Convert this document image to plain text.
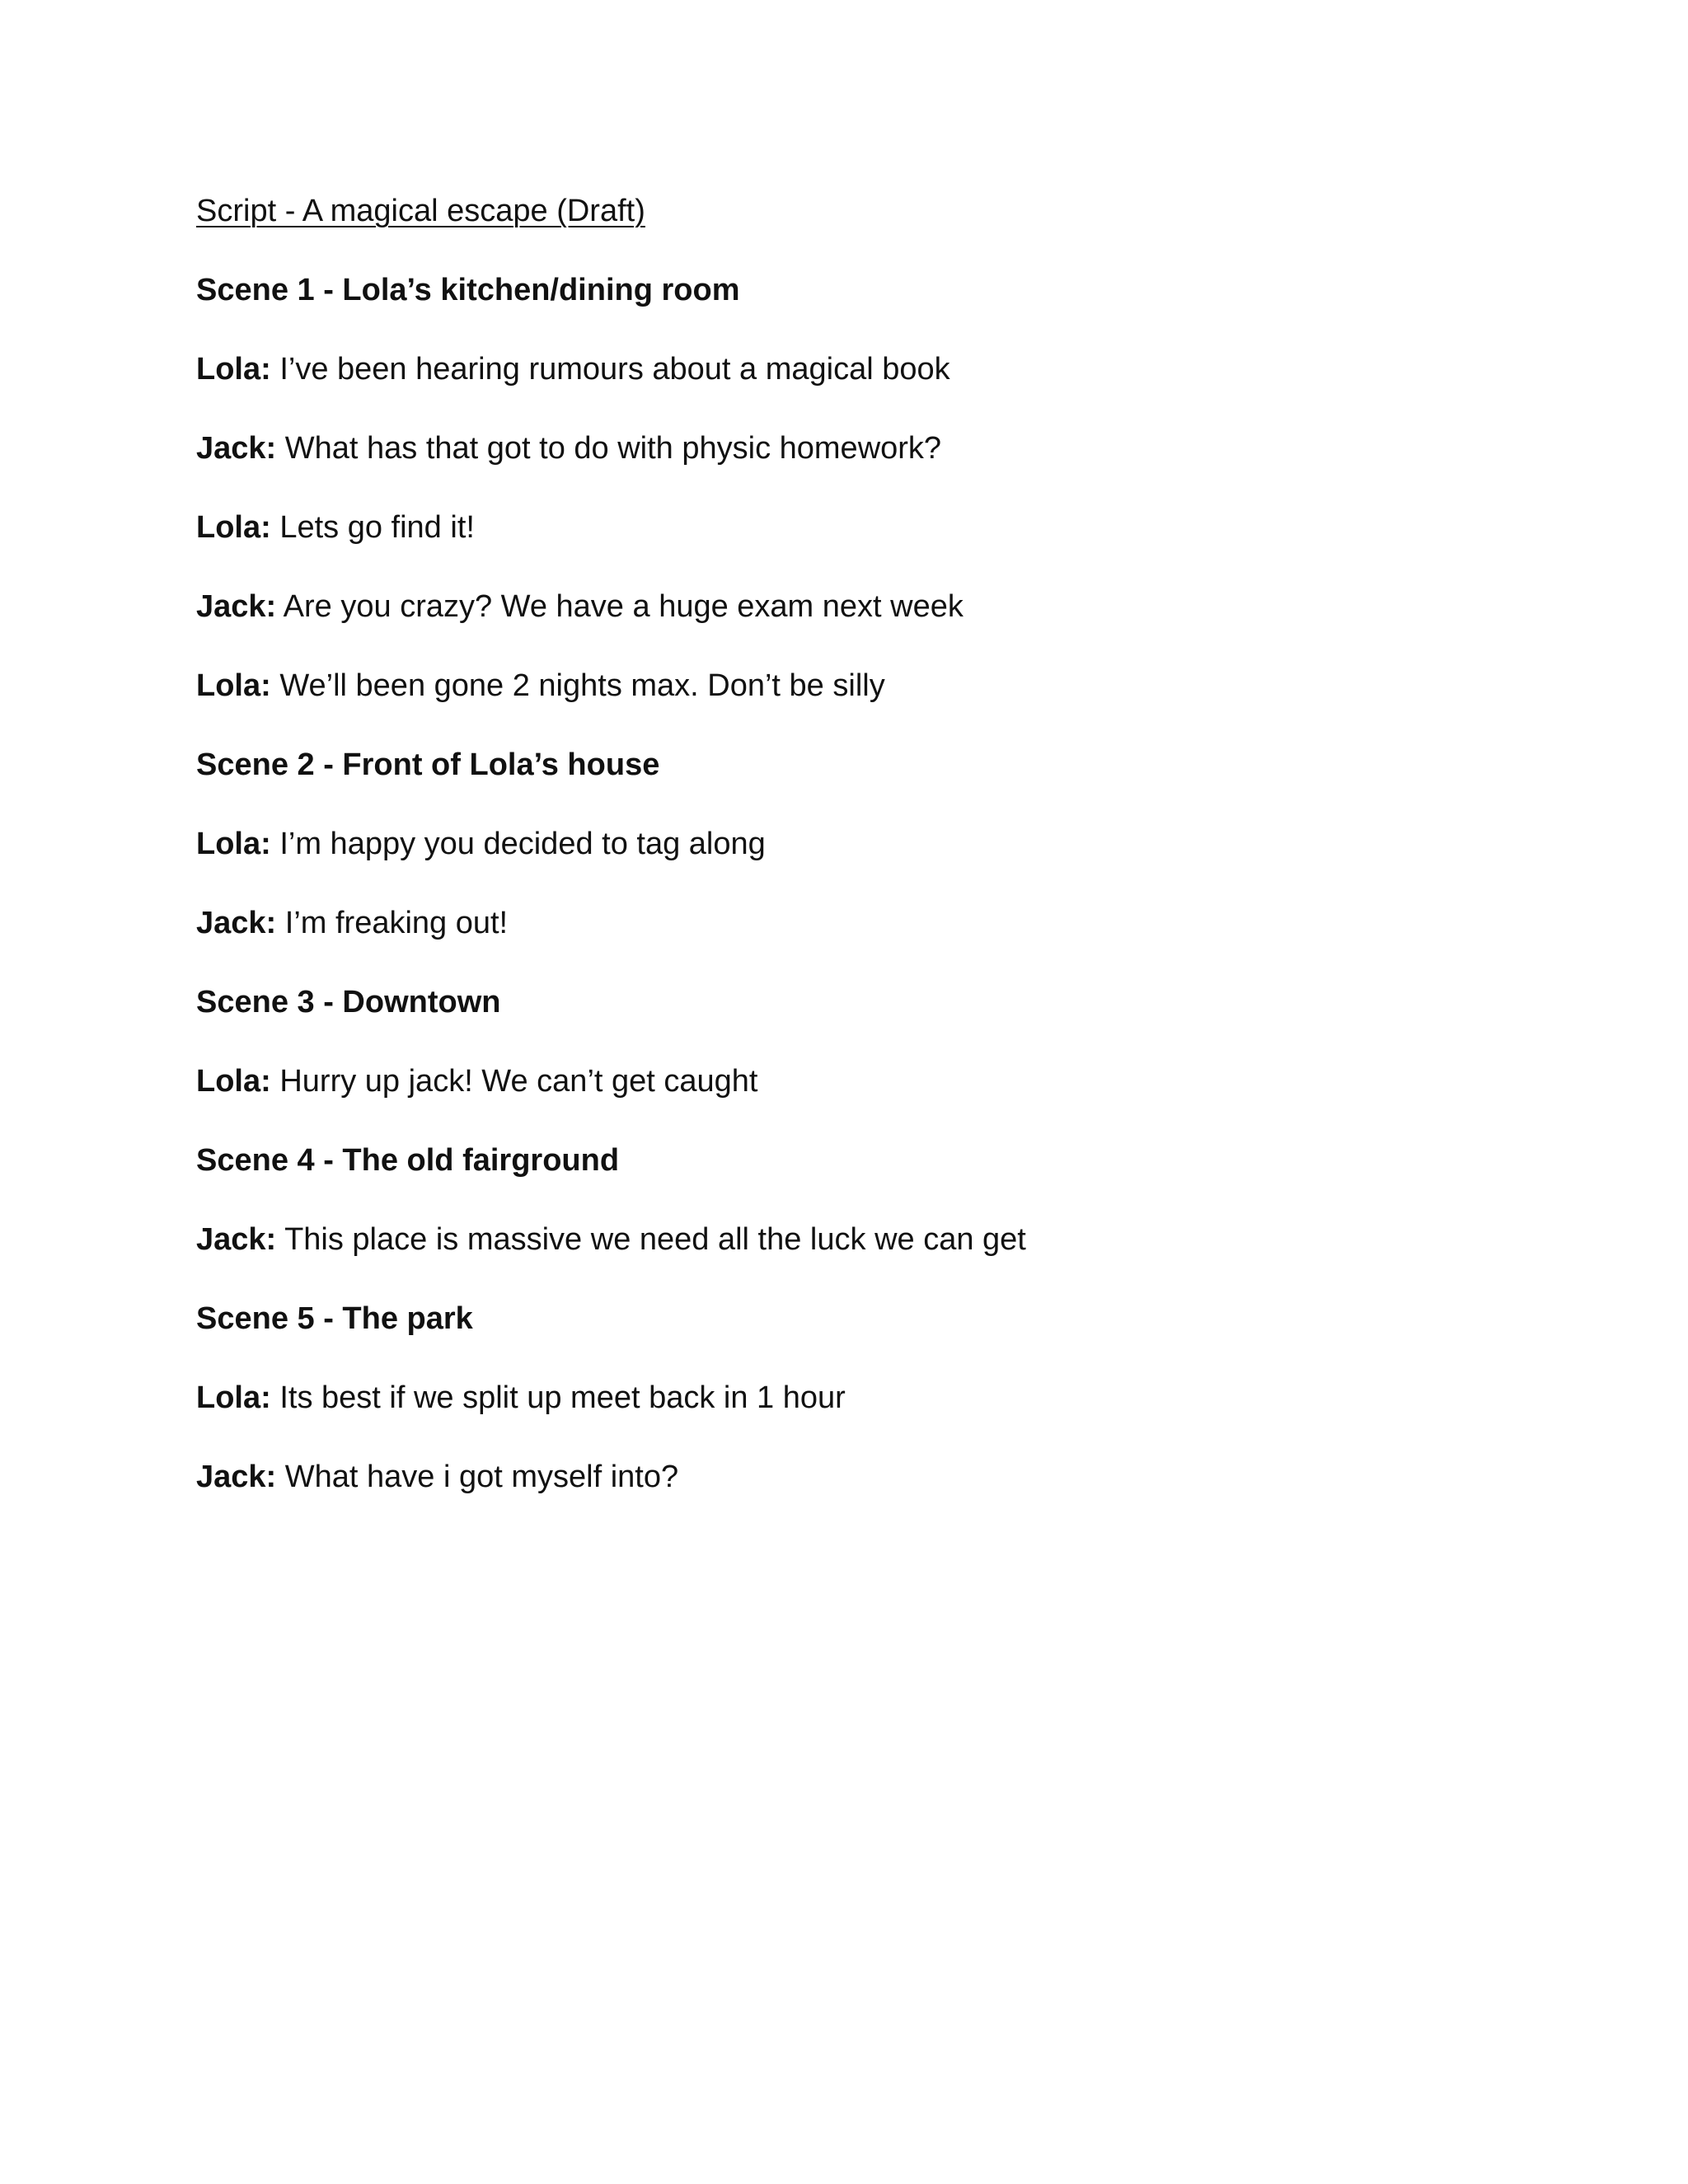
Script - A magical escape (Draft)

Scene 1 - Lola’s kitchen/dining room

Lola: I’ve been hearing rumours about a magical book

Jack: What has that got to do with physic homework?

Lola: Lets go find it!

Jack: Are you crazy? We have a huge exam next week

Lola: We’ll been gone 2 nights max. Don’t be silly

Scene 2 - Front of Lola’s house

Lola: I’m happy you decided to tag along

Jack: I’m freaking out!

Scene 3 - Downtown

Lola: Hurry up jack! We can’t get caught

Scene 4 - The old fairground

Jack: This place is massive we need all the luck we can get

Scene 5 - The park

Lola: Its best if we split up meet back in 1 hour

Jack: What have i got myself into?
